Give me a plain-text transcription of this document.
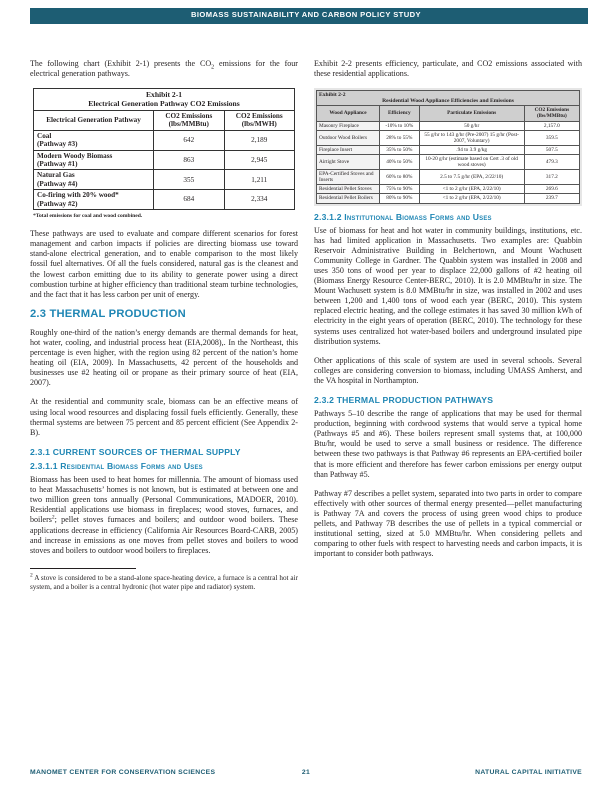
BIOMASS SUSTAINABILITY AND CARBON POLICY STUDY

The following chart (Exhibit 2-1) presents the $CO_2$ emissions for the four electrical generation pathways.

Exhibit 2-1
Electrical Generation Pathway CO2 Emissions		

Electrical Generation Pathway	CO2 Emissions (lbs/MMBtu)	CO2 Emissions (lbs/MWH)

Coal
(Pathway #3)	642	2,189

Modern Woody Biomass
(Pathway #1)	863	2,945

Natural Gas
(Pathway #4)	355	1,211

Co-firing with 20% wood*
(Pathway #2)	684	2,334
*Total emissions for coal and wood combined.

These pathways are used to evaluate and compare different scenarios for forest management and carbon impacts if policies are directing biomass use toward stand-alone electrical generation, and to enable comparison to the most likely fossil fuel alternatives. Of all the fuels considered, natural gas is the cleanest and the lowest carbon emitting due to its ability to generate power using a direct combustion turbine at higher efficiency than traditional steam turbine technologies, and the fact that it has less carbon per unit of energy.

2.3 THERMAL PRODUCTION

Roughly one-third of the nation’s energy demands are thermal demands for heat, hot water, cooling, and industrial process heat (EIA,2008),. In the Northeast, this percentage is even higher, with the region using 82 percent of the nation’s home heating oil (EIA, 2009). In Massachusetts, 42 percent of the households and businesses use #2 heating oil or propane as their primary source of heat (EIA, 2007).

At the residential and community scale, biomass can be an effective means of using local wood resources and displacing fossil fuels efficiently. Generally, these thermal systems are between 75 percent and 85 percent efficient (See Appendix 2-B).

2.3.1 CURRENT SOURCES OF THERMAL SUPPLY
2.3.1.1 Residential Biomass Forms and Uses

Biomass has been used to heat homes for millennia. The amount of biomass used to heat Massachusetts’ homes is not known, but is estimated at between one and two million green tons annually (Personal Communications, MADOER, 2010). Residential applications use biomass in fireplaces; wood stoves, furnaces, and boilers$^2$; pellet stoves furnaces and boilers; and outdoor wood boilers. These applications decrease in efficiency (California Air Resources Board-CARB, 2005) and increase in emissions as one moves from pellet stoves and boilers to wood stoves and boilers to outdoor wood boilers to fireplaces.

$^2$ A stove is considered to be a stand-alone space-heating device, a furnace is a central hot air system, and a boiler is a central hydronic (hot water pipe and radiator) system.

Exhibit 2-2 presents efficiency, particulate, and CO2 emissions associated with these residential applications.

Exhibit 2-2
Residential Wood Appliance Efficiencies and Emissions			

Wood Appliance	Efficiency	Particulate Emissions	CO2 Emissions (lbs/MMBtu)
Masonry Fireplace	-10% to 10%	50 g/hr	2,157.0
Outdoor Wood Boilers	28% to 55%	55 g/hr to 143 g/hr (Pre-2007) 15 g/hr (Post-2007, Voluntary)	359.5
Fireplace Insert	35% to 50%	.94 to 3.9 g/kg	507.5
Airtight Stove	40% to 50%	10-20 g/hr (estimate based on Cert .3 of old wood stoves)	479.3
EPA-Certified Stoves and Inserts	60% to 80%	2.5 to 7.5 g/hr (EPA, 2/22/10)	317.2
Residential Pellet Stoves	75% to 90%	<1 to 2 g/hr (EPA, 2/22/10)	269.6
Residential Pellet Boilers	80% to 90%	<1 to 2 g/hr (EPA, 2/22/10)	239.7
2.3.1.2 Institutional Biomass Forms and Uses

Use of biomass for heat and hot water in community buildings, institutions, etc. has had limited application in Massachusetts. Two examples are: Quabbin Reservoir Administrative Building in Belchertown, and Mount Wachusett Community College in Gardner. The Quabbin system was installed in 2008 and uses 350 tons of wood per year to displace 22,000 gallons of #2 heating oil (Biomass Energy Resource Center-BERC, 2010). It is 2.0 MMBtu/hr in size. The Mount Wachusett system is 8.0 MMBtu/hr in size, was installed in 2002 and uses between 1,200 and 1,400 tons of wood each year (BERC, 2010). This system replaced electric heating, and the college estimates it has saved 30 million kWh of electricity in the eight years of operation (BERC, 2010). The technology for these systems uses centralized hot water-based boilers and underground insulated pipe distribution systems.

Other applications of this scale of system are used in several schools. Several colleges are considering conversion to biomass, including UMASS Amherst, and the VA hospital in Northampton.

2.3.2 THERMAL PRODUCTION PATHWAYS

Pathways 5–10 describe the range of applications that may be used for thermal production, beginning with cordwood systems that would serve a typical home (Pathways #5 and #6). These boilers represent small systems that, at 100,000 Btu/hr, would be used to serve a small business or residence. The difference between these two pathways is that Pathway #6 represents an EPA-certified boiler that is more efficient and therefore has fewer carbon emissions per energy output than Pathway #5.

Pathway #7 describes a pellet system, separated into two parts in order to compare effectively with other sources of thermal energy presented—pellet manufacturing is Pathway 7A and covers the process of using green wood chips to produce pellets, and Pathway 7B describes the use of pellets in a typical commercial or institutional setting, sized at 5.0 MMBtu/hr. When considering pellets and comparing to other fuels with respect to harvesting needs and carbon impacts, it is important to consider both pathways.

MANOMET CENTER FOR CONSERVATION SCIENCES	21	NATURAL CAPITAL INITIATIVE
